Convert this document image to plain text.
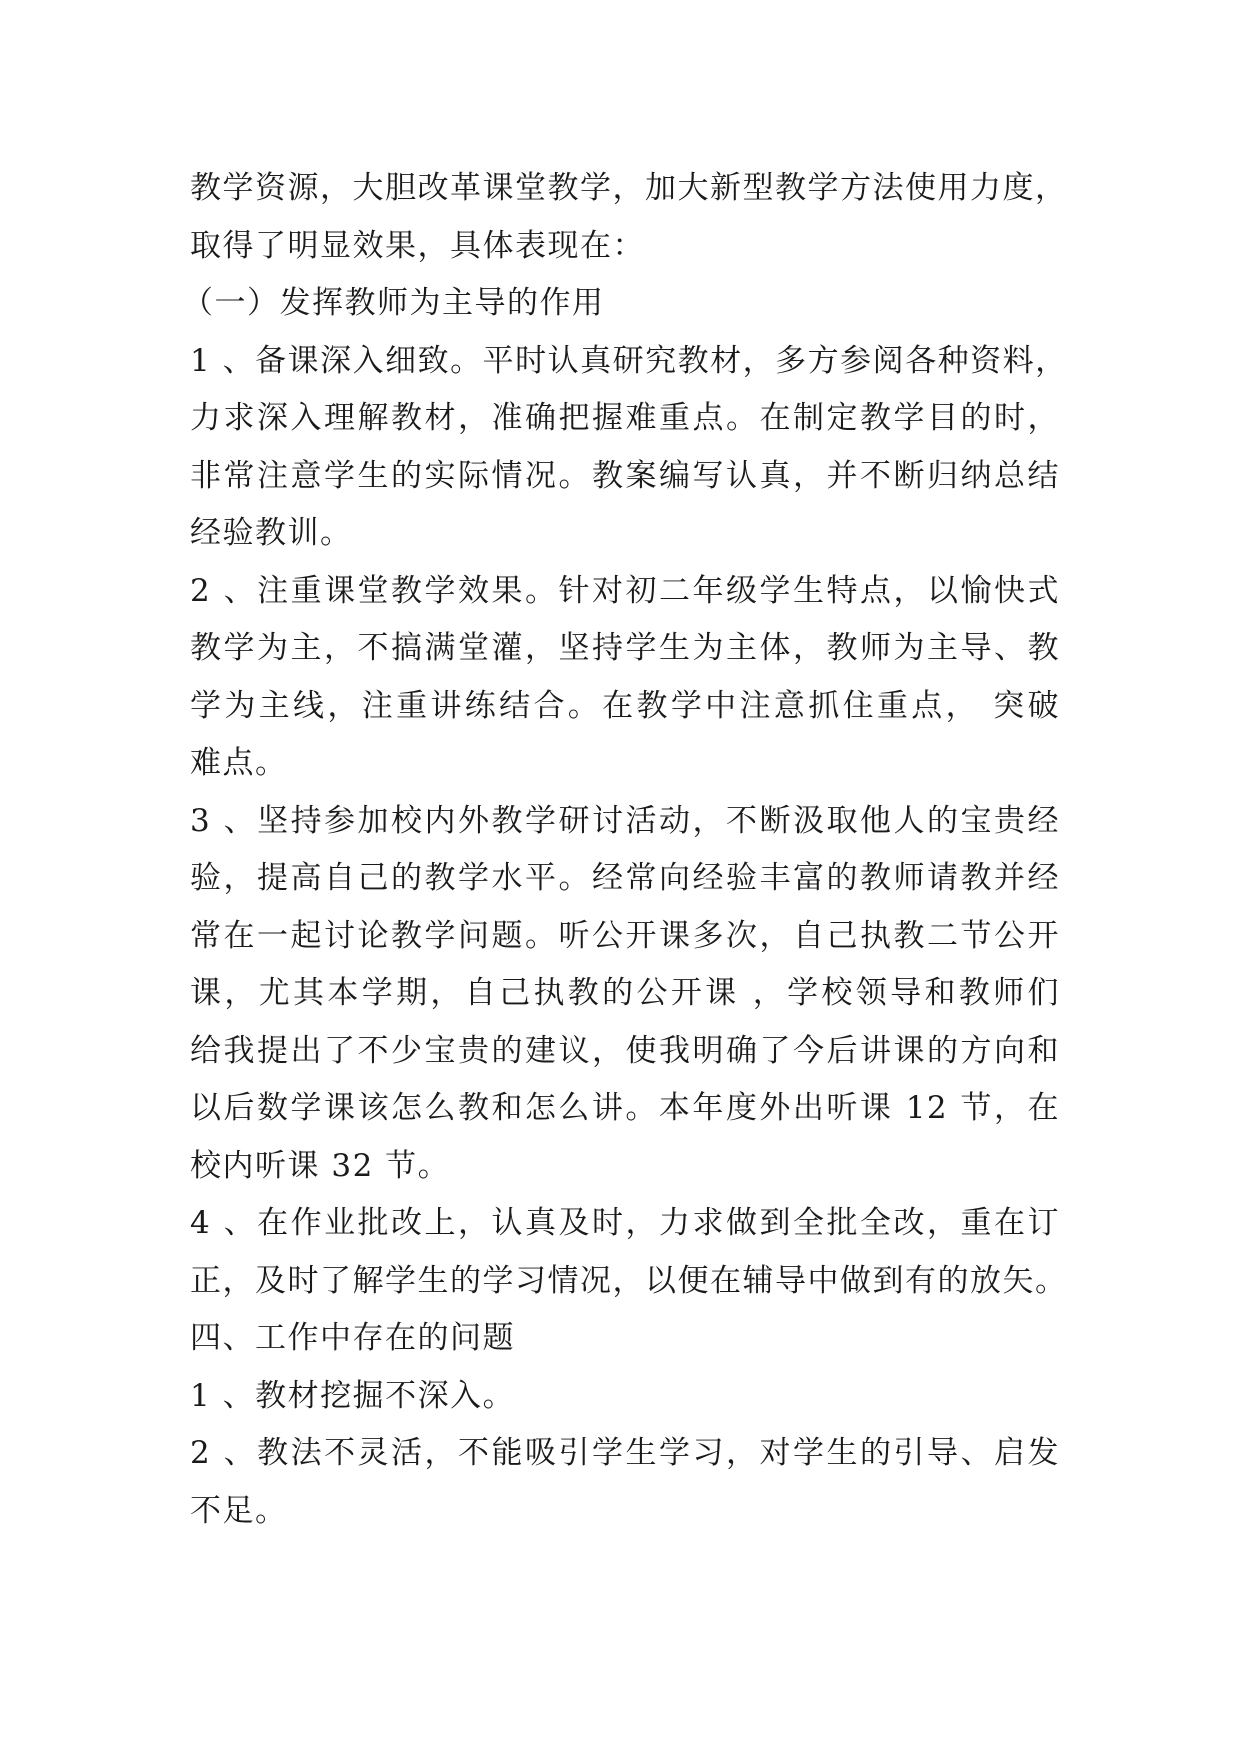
教学资源，大胆改革课堂教学，加大新型教学方法使用力度，
取得了明显效果，具体表现在：
（一）发挥教师为主导的作用
1 、备课深入细致。平时认真研究教材，多方参阅各种资料，
力求深入理解教材，准确把握难重点。在制定教学目的时，
非常注意学生的实际情况。教案编写认真，并不断归纳总结
经验教训。
2 、注重课堂教学效果。针对初二年级学生特点，以愉快式
教学为主，不搞满堂灌，坚持学生为主体，教师为主导、教
学为主线，注重讲练结合。在教学中注意抓住重点， 突破
难点。
3 、坚持参加校内外教学研讨活动，不断汲取他人的宝贵经
验，提高自己的教学水平。经常向经验丰富的教师请教并经
常在一起讨论教学问题。听公开课多次，自己执教二节公开
课，尤其本学期，自己执教的公开课 ，学校领导和教师们
给我提出了不少宝贵的建议，使我明确了今后讲课的方向和
以后数学课该怎么教和怎么讲。本年度外出听课 12 节，在
校内听课 32 节。
4 、在作业批改上，认真及时，力求做到全批全改，重在订
正，及时了解学生的学习情况，以便在辅导中做到有的放矢。
四、工作中存在的问题
1 、教材挖掘不深入。
2 、教法不灵活，不能吸引学生学习，对学生的引导、启发
不足。
